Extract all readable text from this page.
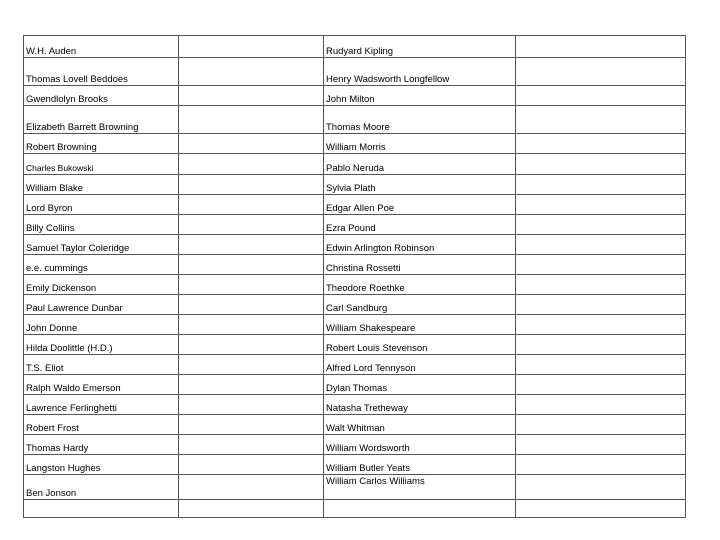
W.H. Auden		Rudyard Kipling	
Thomas Lovell Beddoes		Henry Wadsworth Longfellow	
Gwendlolyn Brooks		John Milton	
Elizabeth Barrett Browning		Thomas Moore	
Robert Browning		William Morris	
Charles Bukowski		Pablo Neruda	
William Blake		Sylvia Plath	
Lord Byron		Edgar Allen Poe	
Billy Collins		Ezra Pound	
Samuel Taylor Coleridge		Edwin Arlington Robinson	
e.e. cummings		Christina Rossetti	
Emily Dickenson		Theodore Roethke	
Paul Lawrence Dunbar		Carl Sandburg	
John Donne		William Shakespeare	
Hilda Doolittle (H.D.)		Robert Louis Stevenson	
T.S. Eliot		Alfred Lord Tennyson	
Ralph Waldo Emerson		Dylan Thomas	
Lawrence Ferlinghetti		Natasha Tretheway	
Robert Frost		Walt Whitman	
Thomas Hardy		William Wordsworth	
Langston Hughes		William Butler Yeats	
Ben Jonson		William Carlos Williams	
